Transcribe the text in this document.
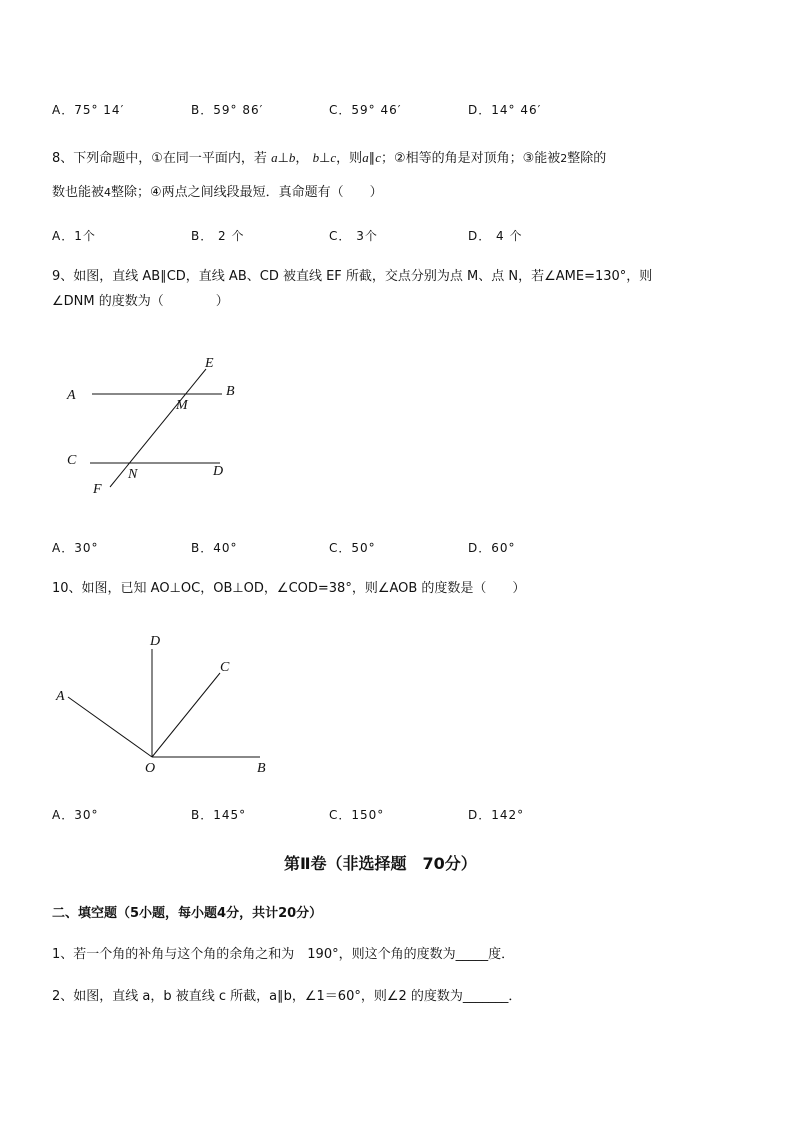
A．75° 14′	B．59° 86′	C．59° 46′	D．14° 46′
8、下列命题中，①在同一平面内，若 a⊥b， b⊥c，则a∥c；②相等的角是对顶角；③能被2整除的
数也能被4整除；④两点之间线段最短．真命题有（　　）
A．1个	B． 2 个	C． 3个	D． 4 个
9、如图，直线 AB∥CD，直线 AB、CD 被直线 EF 所截，交点分别为点 M、点 N，若∠AME=130°，则
∠DNM 的度数为（　　　　）
E
A	B
M
C
N	D
F
A．30°	B．40°	C．50°	D．60°
10、如图，已知 AO⊥OC，OB⊥OD，∠COD=38°，则∠AOB 的度数是（　　）
D
C
A
O	B
A．30°	B．145°	C．150°	D．142°
第Ⅱ卷（非选择题　70分）
二、填空题（5小题，每小题4分，共计20分）
1、若一个角的补角与这个角的余角之和为　190°，则这个角的度数为_____度．
2、如图，直线 a，b 被直线 c 所截，a∥b，∠1＝60°，则∠2 的度数为_______．
